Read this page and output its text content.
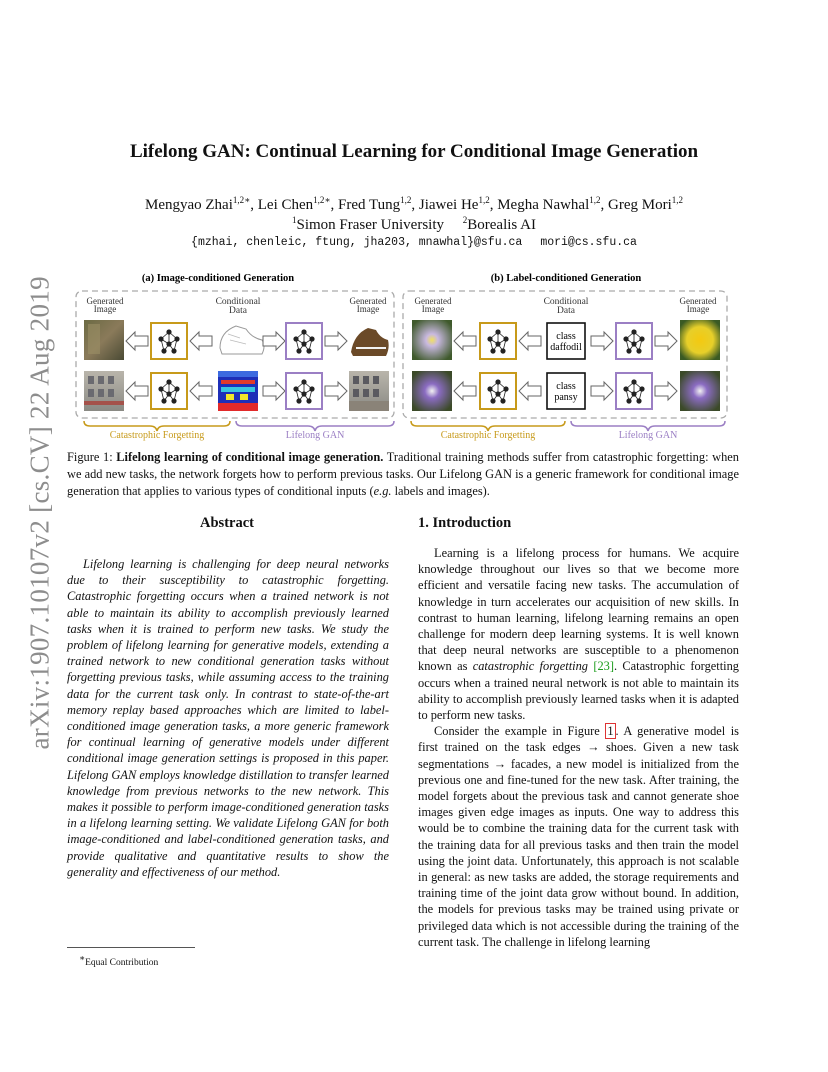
arXiv:1907.10107v2 [cs.CV] 22 Aug 2019
Lifelong GAN: Continual Learning for Conditional Image Generation
Mengyao Zhai$^{1,2∗}$, Lei Chen$^{1,2∗}$, Fred Tung$^{1,2}$, Jiawei He$^{1,2}$, Megha Nawhal$^{1,2}$, Greg Mori$^{1,2}$
$^1$Simon Fraser University $^2$Borealis AI
{mzhai, chenleic, ftung, jha203, mnawhal}@sfu.ca mori@cs.sfu.ca
(a) Image-conditioned Generation	(b) Label-conditioned Generation
Generated
Image
Conditional
Data
Generated
Image
Generated
Image
Conditional
Data
Generated
Image
class
daffodil
class
pansy
Catastrophic Forgetting	Lifelong GAN	Catastrophic Forgetting	Lifelong GAN
Figure 1: Lifelong learning of conditional image generation. Traditional training methods suffer from catastrophic forgetting: when we add new tasks, the network forgets how to perform previous tasks. Our Lifelong GAN is a generic framework for conditional image generation that applies to various types of conditional inputs (e.g. labels and images).
Abstract
Lifelong learning is challenging for deep neural networks due to their susceptibility to catastrophic forgetting. Catastrophic forgetting occurs when a trained network is not able to maintain its ability to accomplish previously learned tasks when it is trained to perform new tasks. We study the problem of lifelong learning for generative models, extending a trained network to new conditional generation tasks without forgetting previous tasks, while assuming access to the training data for the current task only. In contrast to state-of-the-art memory replay based approaches which are limited to label-conditioned image generation tasks, a more generic framework for continual learning of generative models under different conditional image generation settings is proposed in this paper. Lifelong GAN employs knowledge distillation to transfer learned knowledge from previous networks to the new network. This makes it possible to perform image-conditioned generation tasks in a lifelong learning setting. We validate Lifelong GAN for both image-conditioned and label-conditioned generation tasks, and provide qualitative and quantitative results to show the generality and effectiveness of our method.
1. Introduction

Learning is a lifelong process for humans. We acquire knowledge throughout our lives so that we become more efficient and versatile facing new tasks. The accumulation of knowledge in turn accelerates our acquisition of new skills. In contrast to human learning, lifelong learning remains an open challenge for modern deep learning systems. It is well known that deep neural networks are susceptible to a phenomenon known as catastrophic forgetting [23]. Catastrophic forgetting occurs when a trained neural network is not able to maintain its ability to accomplish previously learned tasks when it is adapted to perform new tasks.

Consider the example in Figure 1 . A generative model is first trained on the task edges → shoes. Given a new task segmentations → facades, a new model is initialized from the previous one and fine-tuned for the new task. After training, the model forgets about the previous task and cannot generate shoe images given edge images as inputs. One way to address this would be to combine the training data for the current task with the training data for all previous tasks and then train the model using the joint data. Unfortunately, this approach is not scalable in general: as new tasks are added, the storage requirements and training time of the joint data grow without bound. In addition, the models for previous tasks may be trained using private or privileged data which is not accessible during the training of the current task. The challenge in lifelong learning

∗Equal Contribution
